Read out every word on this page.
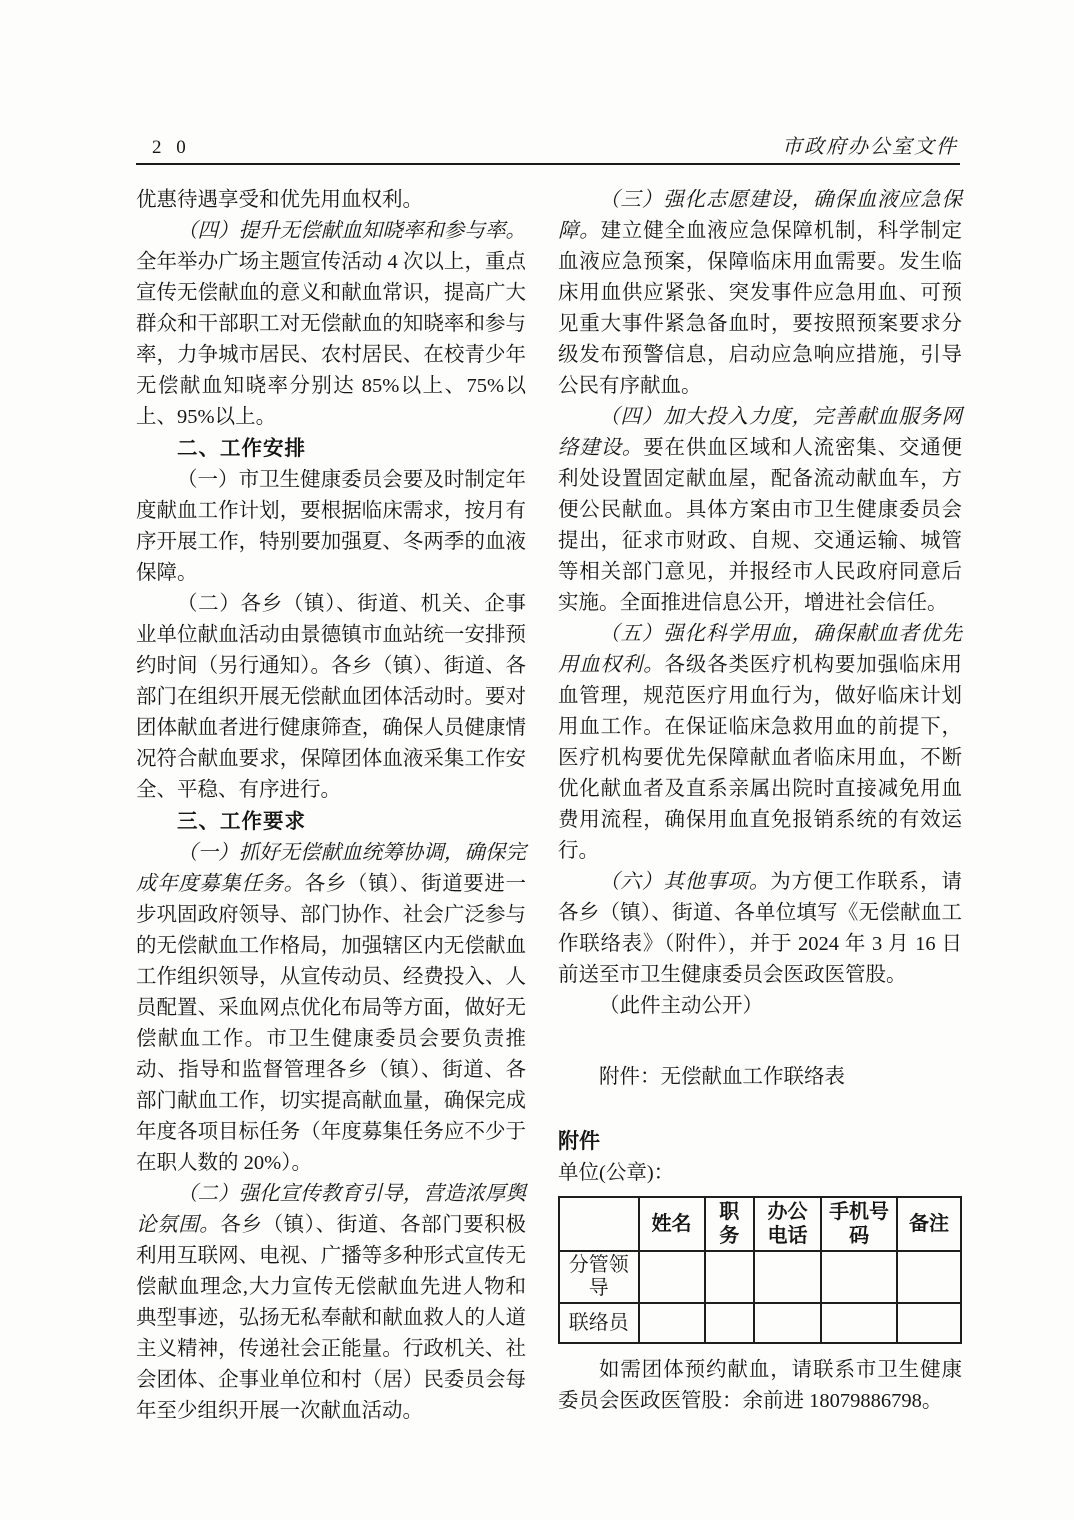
2 0	市政府办公室文件

优惠待遇享受和优先用血权利。

（四）提升无偿献血知晓率和参与率。全年举办广场主题宣传活动 4 次以上，重点宣传无偿献血的意义和献血常识，提高广大群众和干部职工对无偿献血的知晓率和参与率，力争城市居民、农村居民、在校青少年无偿献血知晓率分别达 85%以上、75%以上、95%以上。

二、工作安排

（一）市卫生健康委员会要及时制定年度献血工作计划，要根据临床需求，按月有序开展工作，特别要加强夏、冬两季的血液保障。

（二）各乡（镇）、街道、机关、企事业单位献血活动由景德镇市血站统一安排预约时间（另行通知）。各乡（镇）、街道、各部门在组织开展无偿献血团体活动时。要对团体献血者进行健康筛查，确保人员健康情况符合献血要求，保障团体血液采集工作安全、平稳、有序进行。

三、工作要求

（一）抓好无偿献血统筹协调，确保完成年度募集任务。各乡（镇）、街道要进一步巩固政府领导、部门协作、社会广泛参与的无偿献血工作格局，加强辖区内无偿献血工作组织领导，从宣传动员、经费投入、人员配置、采血网点优化布局等方面，做好无偿献血工作。市卫生健康委员会要负责推动、指导和监督管理各乡（镇）、街道、各部门献血工作，切实提高献血量，确保完成年度各项目标任务（年度募集任务应不少于在职人数的 20%）。

（二）强化宣传教育引导，营造浓厚舆论氛围。各乡（镇）、街道、各部门要积极利用互联网、电视、广播等多种形式宣传无偿献血理念,大力宣传无偿献血先进人物和典型事迹，弘扬无私奉献和献血救人的人道主义精神，传递社会正能量。行政机关、社会团体、企事业单位和村（居）民委员会每年至少组织开展一次献血活动。

（三）强化志愿建设，确保血液应急保障。建立健全血液应急保障机制，科学制定血液应急预案，保障临床用血需要。发生临床用血供应紧张、突发事件应急用血、可预见重大事件紧急备血时，要按照预案要求分级发布预警信息，启动应急响应措施，引导公民有序献血。

（四）加大投入力度，完善献血服务网络建设。要在供血区域和人流密集、交通便利处设置固定献血屋，配备流动献血车，方便公民献血。具体方案由市卫生健康委员会提出，征求市财政、自规、交通运输、城管等相关部门意见，并报经市人民政府同意后实施。全面推进信息公开，增进社会信任。

（五）强化科学用血，确保献血者优先用血权利。各级各类医疗机构要加强临床用血管理，规范医疗用血行为，做好临床计划用血工作。在保证临床急救用血的前提下，医疗机构要优先保障献血者临床用血，不断优化献血者及直系亲属出院时直接减免用血费用流程，确保用血直免报销系统的有效运行。

（六）其他事项。为方便工作联系，请各乡（镇）、街道、各单位填写《无偿献血工作联络表》（附件），并于 2024 年 3 月 16 日前送至市卫生健康委员会医政医管股。

（此件主动公开）

附件：无偿献血工作联络表

附件
单位(公章)：
	姓名	职务	办公电话	手机号码	备注
分管领导					
联络员					

如需团体预约献血，请联系市卫生健康委员会医政医管股：余前进 18079886798。
